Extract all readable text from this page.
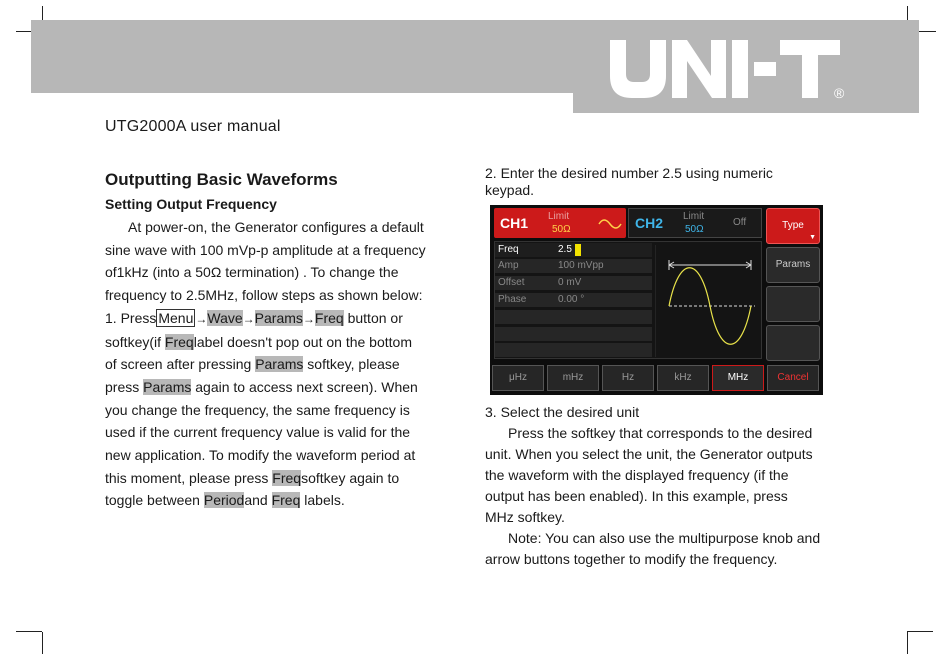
®
UTG2000A user manual

Outputting Basic Waveforms

Setting Output Frequency

At power-on, the Generator configures a default

sine wave with 100 mVp-p amplitude at a frequency

of1kHz (into a 50Ω termination) . To change the

frequency to 2.5MHz, follow steps as shown below:

1. Press Menu →Wave→Params→Freq button or

softkey(if Freqlabel doesn't pop out on the bottom

of screen after pressing Params softkey, please

press Params again to access next screen). When

you change the frequency, the same frequency is

used if the current frequency value is valid for the

new application. To modify the waveform period at

this moment, please press Freqsoftkey again to

toggle between Periodand Freq labels.

2. Enter the desired number 2.5 using numeric

keypad.

3. Select the desired unit

Press the softkey that corresponds to the desired

unit. When you select the unit, the Generator outputs

the waveform with the displayed frequency (if the

output has been enabled). In this example, press

MHz softkey.

Note: You can also use the multipurpose knob and

arrow buttons together to modify the frequency.

CH1 Limit
50Ω	CH2 Limit
50Ω
Off	Type
▼
Params
Freq	2.5
Amp	100 mVpp
Offset	0 mV
Phase	0.00 °
μHz	mHz	Hz	kHz	MHz	Cancel
